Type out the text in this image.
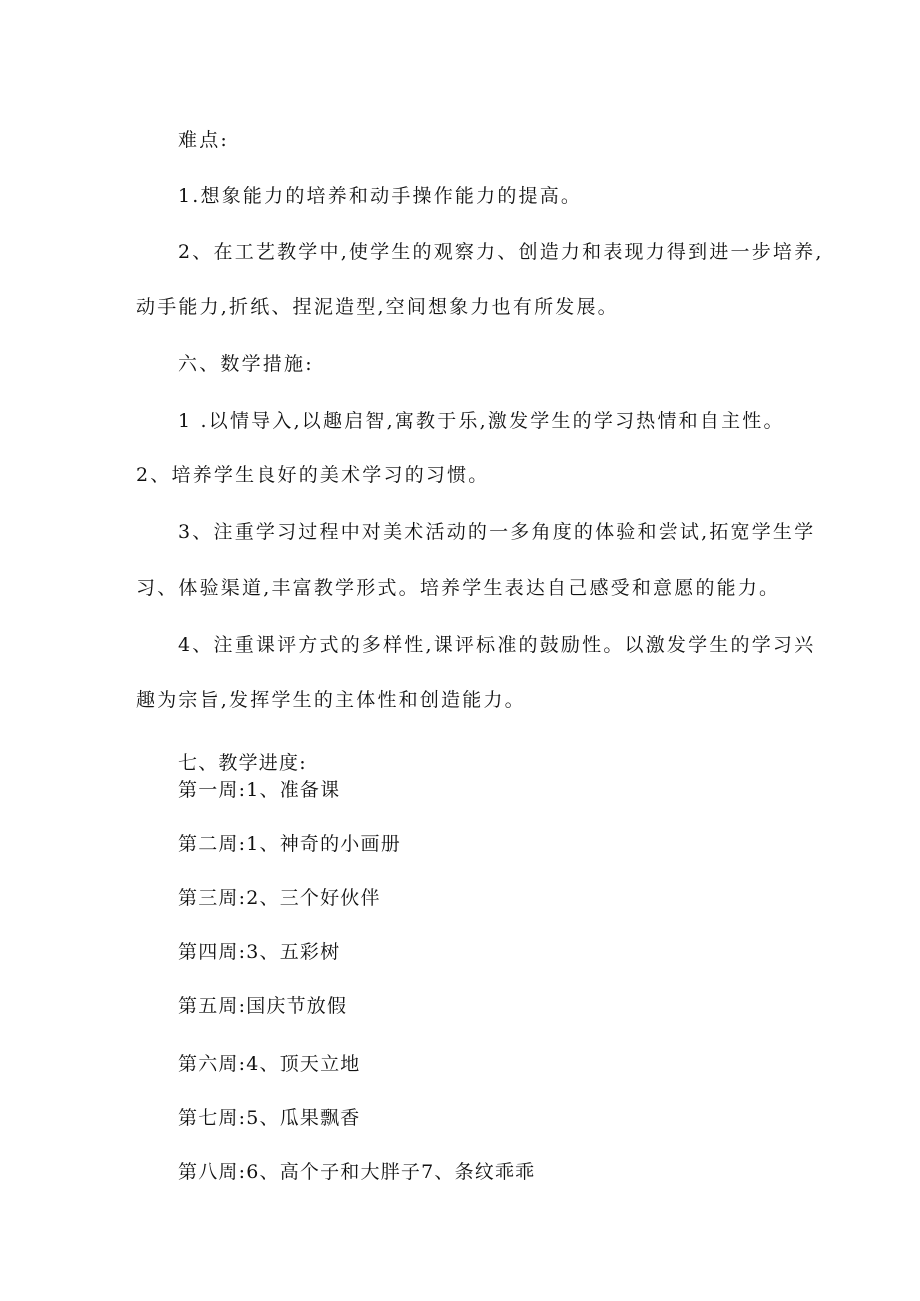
难点:
1.想象能力的培养和动手操作能力的提高。
2、在工艺教学中,使学生的观察力、创造力和表现力得到进一步培养,
动手能力,折纸、捏泥造型,空间想象力也有所发展。
六、数学措施:
1 .以情导入,以趣启智,寓教于乐,激发学生的学习热情和自主性。
2、培养学生良好的美术学习的习惯。
3、注重学习过程中对美术活动的一多角度的体验和尝试,拓宽学生学
习、体验渠道,丰富教学形式。培养学生表达自己感受和意愿的能力。
4、注重课评方式的多样性,课评标准的鼓励性。以激发学生的学习兴
趣为宗旨,发挥学生的主体性和创造能力。
七、教学进度:
第一周:1、准备课
第二周:1、神奇的小画册
第三周:2、三个好伙伴
第四周:3、五彩树
第五周:国庆节放假
第六周:4、顶天立地
第七周:5、瓜果飘香
第八周:6、高个子和大胖子7、条纹乖乖
